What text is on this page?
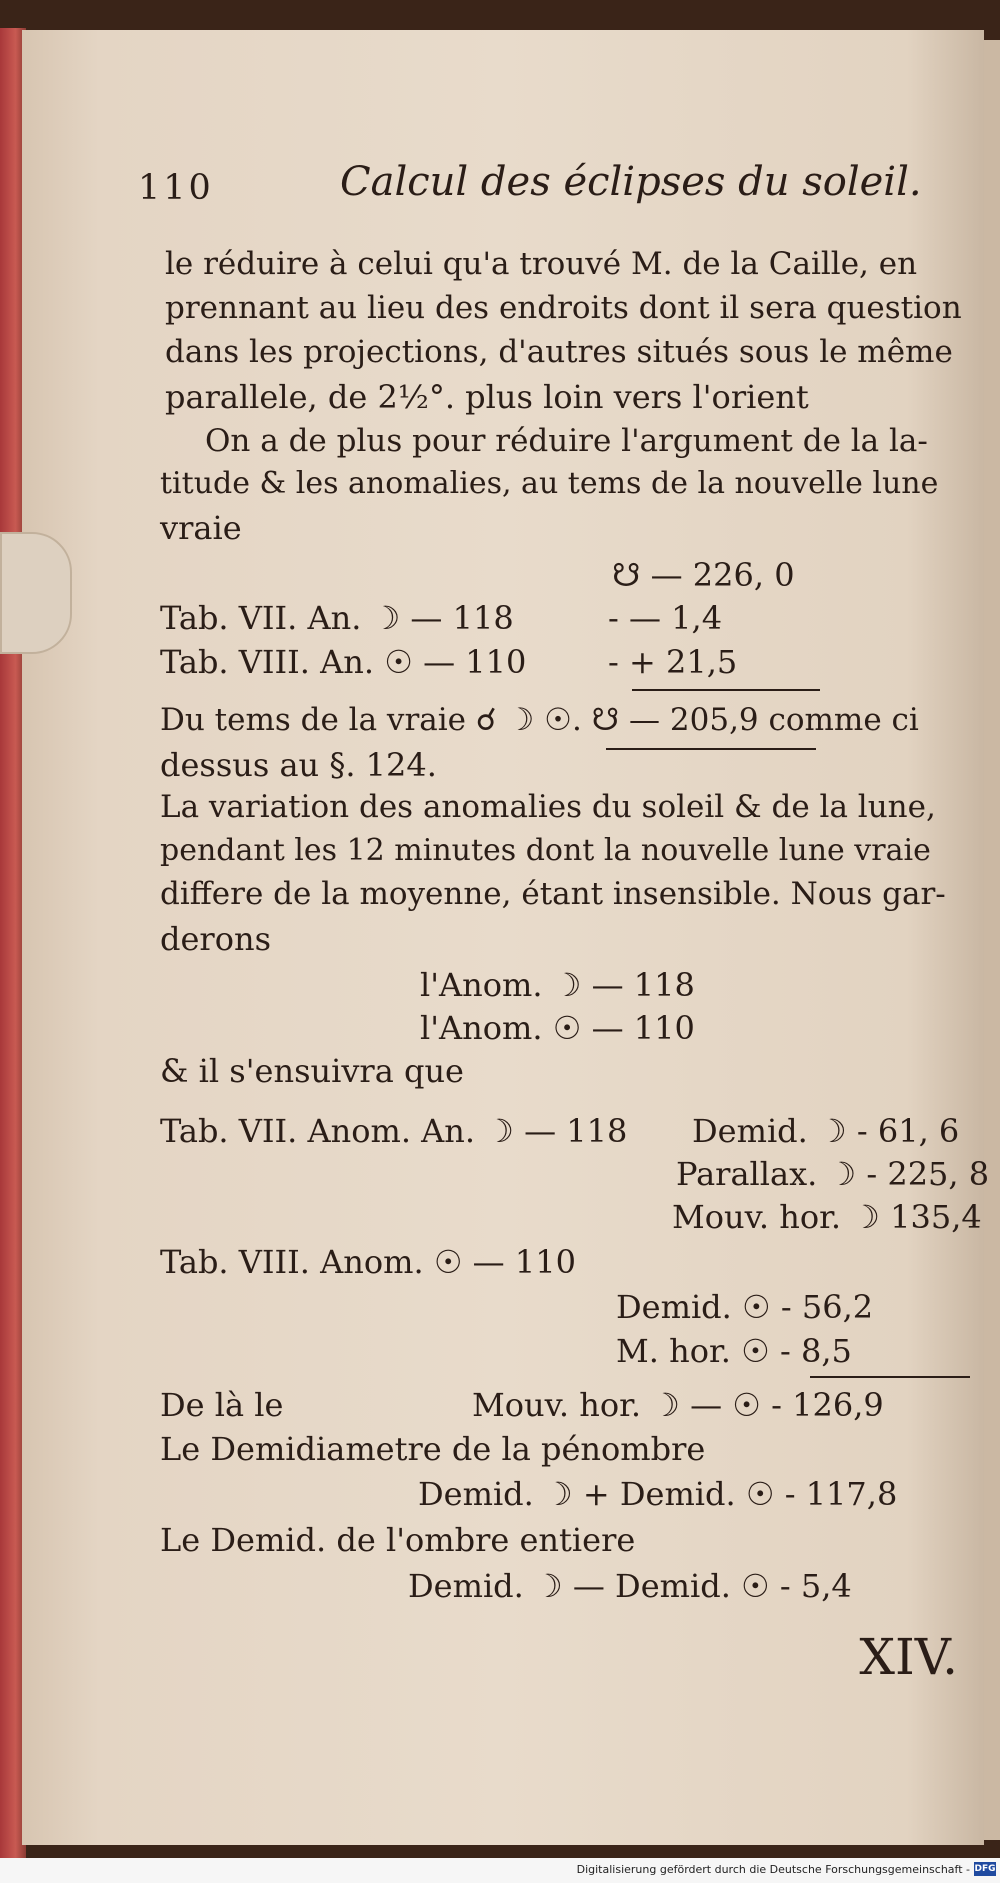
110	Calcul des éclipses du soleil.
le réduire à celui qu'a trouvé M. de la Caille, en
prennant au lieu des endroits dont il sera question
dans les projections, d'autres situés sous le même
parallele, de 2½°. plus loin vers l'orient
On a de plus pour réduire l'argument de la la-
titude & les anomalies, au tems de la nouvelle lune
vraie
☋ — 226, 0
Tab. VII. An. ☽ — 118	- — 1,4
Tab. VIII. An. ☉ — 110	- + 21,5
Du tems de la vraie ☌ ☽ ☉. ☋ — 205,9 comme ci
dessus au §. 124.
La variation des anomalies du soleil & de la lune,
pendant les 12 minutes dont la nouvelle lune vraie
differe de la moyenne, étant insensible. Nous gar-
derons
l'Anom. ☽ — 118
l'Anom. ☉ — 110
& il s'ensuivra que
Tab. VII. Anom. An. ☽ — 118 Demid. ☽ - 61, 6
Parallax. ☽ - 225, 8
Mouv. hor. ☽ 135,4
Tab. VIII. Anom. ☉ — 110
Demid. ☉ - 56,2
M. hor. ☉ - 8,5
De là le	Mouv. hor. ☽ — ☉ - 126,9
Le Demidiametre de la pénombre
Demid. ☽ + Demid. ☉ - 117,8
Le Demid. de l'ombre entiere
Demid. ☽ — Demid. ☉ - 5,4
XIV.
Digitalisierung gefördert durch die Deutsche Forschungsgemeinschaft - DFG
